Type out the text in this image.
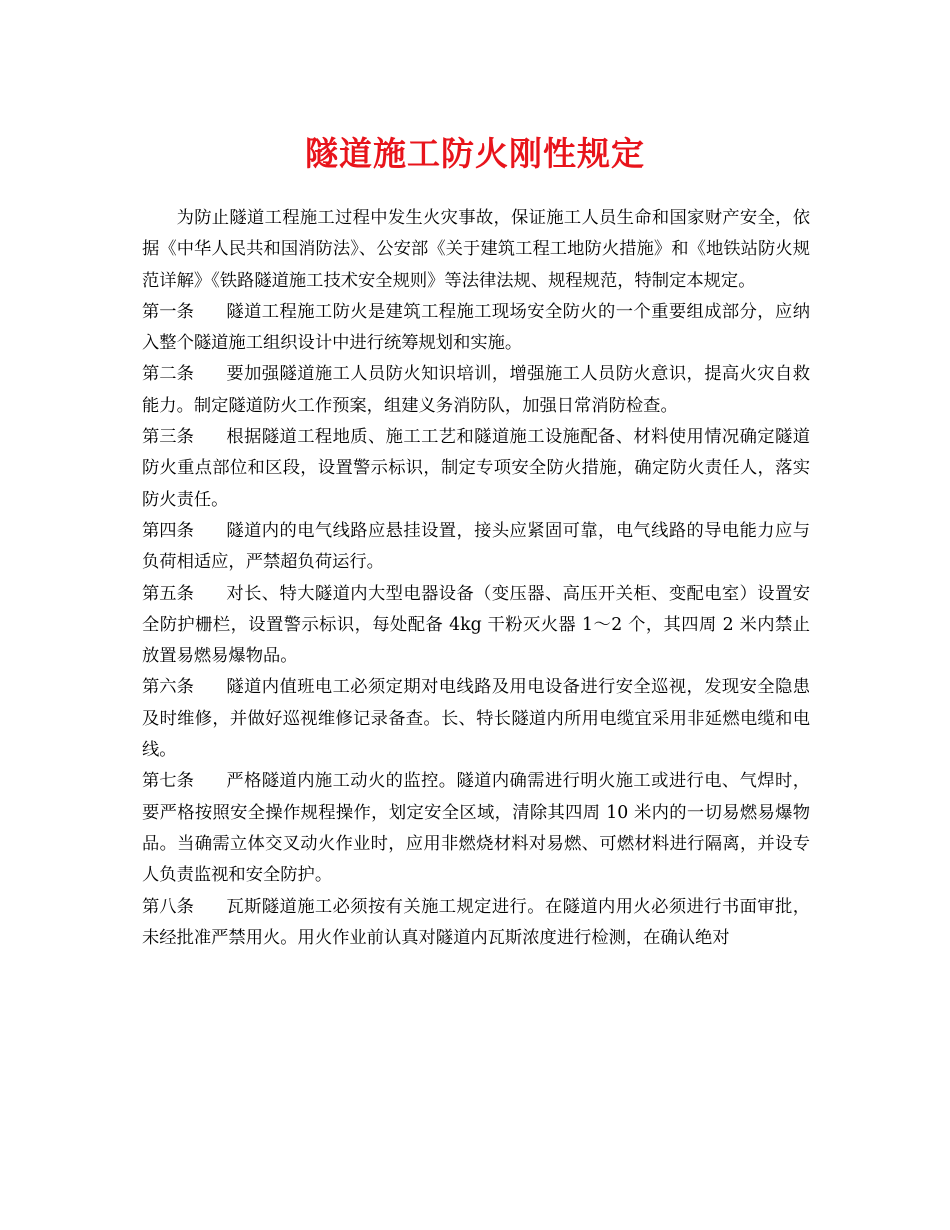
隧道施工防火刚性规定

为防止隧道工程施工过程中发生火灾事故，保证施工人员生命和国家财产安全，依据《中华人民共和国消防法》、公安部《关于建筑工程工地防火措施》和《地铁站防火规范详解》《铁路隧道施工技术安全规则》等法律法规、规程规范，特制定本规定。

第一条 隧道工程施工防火是建筑工程施工现场安全防火的一个重要组成部分，应纳入整个隧道施工组织设计中进行统筹规划和实施。

第二条 要加强隧道施工人员防火知识培训，增强施工人员防火意识，提高火灾自救能力。制定隧道防火工作预案，组建义务消防队，加强日常消防检查。

第三条 根据隧道工程地质、施工工艺和隧道施工设施配备、材料使用情况确定隧道防火重点部位和区段，设置警示标识，制定专项安全防火措施，确定防火责任人，落实防火责任。

第四条 隧道内的电气线路应悬挂设置，接头应紧固可靠，电气线路的导电能力应与负荷相适应，严禁超负荷运行。

第五条 对长、特大隧道内大型电器设备（变压器、高压开关柜、变配电室）设置安全防护栅栏，设置警示标识，每处配备 4kg 干粉灭火器 1～2 个，其四周 2 米内禁止放置易燃易爆物品。

第六条 隧道内值班电工必须定期对电线路及用电设备进行安全巡视，发现安全隐患及时维修，并做好巡视维修记录备查。长、特长隧道内所用电缆宜采用非延燃电缆和电线。

第七条 严格隧道内施工动火的监控。隧道内确需进行明火施工或进行电、气焊时，要严格按照安全操作规程操作，划定安全区域，清除其四周 10 米内的一切易燃易爆物品。当确需立体交叉动火作业时，应用非燃烧材料对易燃、可燃材料进行隔离，并设专人负责监视和安全防护。

第八条 瓦斯隧道施工必须按有关施工规定进行。在隧道内用火必须进行书面审批，未经批准严禁用火。用火作业前认真对隧道内瓦斯浓度进行检测，在确认绝对
